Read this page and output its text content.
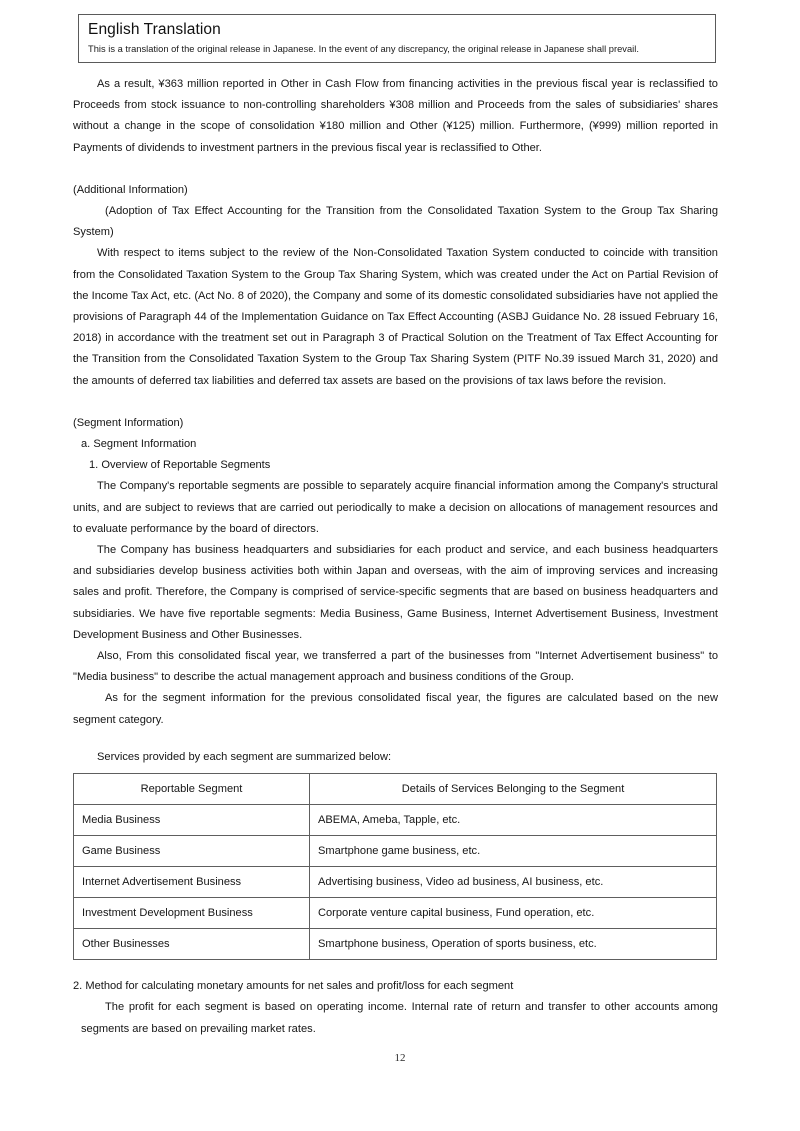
English Translation
This is a translation of the original release in Japanese. In the event of any discrepancy, the original release in Japanese shall prevail.
As a result, ¥363 million reported in Other in Cash Flow from financing activities in the previous fiscal year is reclassified to Proceeds from stock issuance to non-controlling shareholders ¥308 million and Proceeds from the sales of subsidiaries' shares without a change in the scope of consolidation ¥180 million and Other (¥125) million. Furthermore, (¥999) million reported in Payments of dividends to investment partners in the previous fiscal year is reclassified to Other.
(Additional Information)
(Adoption of Tax Effect Accounting for the Transition from the Consolidated Taxation System to the Group Tax Sharing System)
With respect to items subject to the review of the Non-Consolidated Taxation System conducted to coincide with transition from the Consolidated Taxation System to the Group Tax Sharing System, which was created under the Act on Partial Revision of the Income Tax Act, etc. (Act No. 8 of 2020), the Company and some of its domestic consolidated subsidiaries have not applied the provisions of Paragraph 44 of the Implementation Guidance on Tax Effect Accounting (ASBJ Guidance No. 28 issued February 16, 2018) in accordance with the treatment set out in Paragraph 3 of Practical Solution on the Treatment of Tax Effect Accounting for the Transition from the Consolidated Taxation System to the Group Tax Sharing System (PITF No.39 issued March 31, 2020) and the amounts of deferred tax liabilities and deferred tax assets are based on the provisions of tax laws before the revision.
(Segment Information)
a. Segment Information
1. Overview of Reportable Segments
The Company's reportable segments are possible to separately acquire financial information among the Company's structural units, and are subject to reviews that are carried out periodically to make a decision on allocations of management resources and to evaluate performance by the board of directors.
The Company has business headquarters and subsidiaries for each product and service, and each business headquarters and subsidiaries develop business activities both within Japan and overseas, with the aim of improving services and increasing sales and profit. Therefore, the Company is comprised of service-specific segments that are based on business headquarters and subsidiaries. We have five reportable segments: Media Business, Game Business, Internet Advertisement Business, Investment Development Business and Other Businesses.
Also, From this consolidated fiscal year, we transferred a part of the businesses from "Internet Advertisement business" to "Media business" to describe the actual management approach and business conditions of the Group.
As for the segment information for the previous consolidated fiscal year, the figures are calculated based on the new segment category.
Services provided by each segment are summarized below:
Reportable Segment	Details of Services Belonging to the Segment
Media Business	ABEMA, Ameba, Tapple, etc.
Game Business	Smartphone game business, etc.
Internet Advertisement Business	Advertising business, Video ad business, AI business, etc.
Investment Development Business	Corporate venture capital business, Fund operation, etc.
Other Businesses	Smartphone business, Operation of sports business, etc.
2. Method for calculating monetary amounts for net sales and profit/loss for each segment
The profit for each segment is based on operating income. Internal rate of return and transfer to other accounts among segments are based on prevailing market rates.
12
